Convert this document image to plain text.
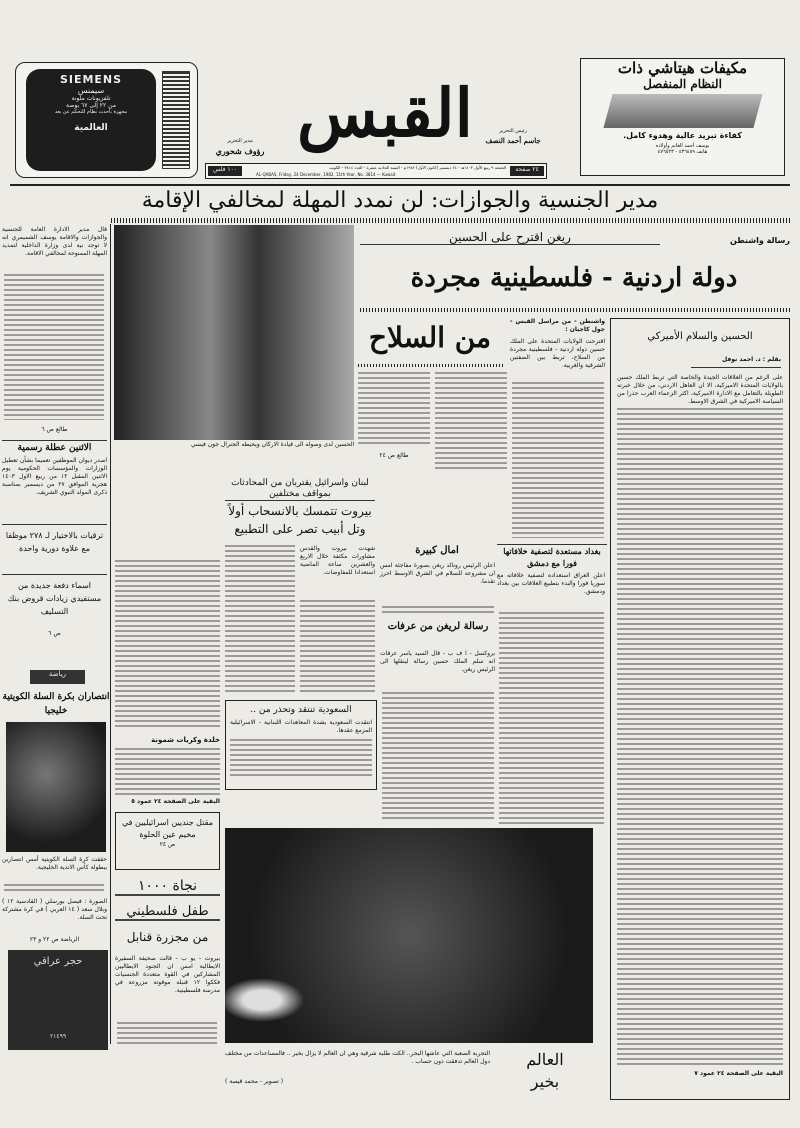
SIEMENS
سيمنس
تلفزيونات ملونة
من ٢٢ إلى ٦٧ بوصة
مجهزة بأحدث نظام للتحكم عن بعد
العالمية
مدير التحرير
رؤوف شحوري القبس	رئيس التحرير
جاسم أحمد النصف
٢٤ صفحة
الجمعة ٩ ربيع الأول ١٤٠٣هـ - ٢٤ ديسمبر (كانون الأول) ١٩٨٢م - السنة الحادية عشرة - العدد ٣٨١٤ - الكويت
AL-QABAS, Friday, 24 December, 1982, 11th Year, No. 3814 — Kuwait
١٠٠ فلس
مكيفات هيتاشي ذات
النظام المنفصل
كفاءة تبريد عالية وهدوء كامل.
يوسف أحمد الغانم وأولاده
هاتف ٤٣٦٤٨٩ - ٤٧٦٥٢٣
مدير الجنسية والجوازات: لن نمدد المهلة لمخالفي الإقامة
قال مدير الادارة العامة للجنسية والجوازات والاقامة يوسف الشميمري انه لا توجد نية لدى وزارة الداخلية لتمديد المهلة الممنوحة لمخالفي الاقامة.
طالع ص ٦
الاثنين عطلة رسمية
اصدر ديوان الموظفين تعميما بشأن تعطيل الوزارات والمؤسسات الحكومية يوم الاثنين المقبل ١٢ من ربيع الاول ١٤٠٣ هجرية الموافق ٢٧ من ديسمبر بمناسبة ذكرى المولد النبوي الشريف.
ترقيات بالاختيار لـ ٢٧٨ موظفا مع علاوة دورية واحدة
اسماء دفعة جديدة من مستفيدي زيادات قروض بنك التسليف
ص ٦
رياضة
انتصاران بكرة السلة الكويتية خليجيا
حققت كرة السلة الكويتية أمس انتصارين ببطولة كأس الاندية الخليجية.
الصورة : فيصل بورسلي ( القادسية ١٢ ) وبلال سعد ( ١٤ العربي ) في كرة مشتركة تحت السلة.
الرياضة ص ٢٢ و ٢٣
حجر عراقي
٢١٤٩٩
الحسين لدى وصوله الى قيادة الاركان ويحيطه الجنرال جون فيسي
رسالة واشنطن
ريغن اقترح على الحسين
دولة اردنية - فلسطينية مجردة
من السلاح	واشنطن - من مراسل القبس - جول كاجيان :
اقترحت الولايات المتحدة على الملك حسين دولة اردنية - فلسطينية مجردة من السلاح، تربط بين الضفتين الشرقية والغربية.
طالع ص ٢٤
الحسين والسلام الأميركي
بقلم : د. احمد نوفل
على الرغم من العلاقات الجيدة والخاصة التي تربط الملك حسين بالولايات المتحدة الاميركية، الا ان العاهل الاردني، من خلال خبرته الطويلة بالتعامل مع الادارة الاميركية، اكثر الزعماء العرب حذرا من السياسة الاميركية في الشرق الاوسط.
البقية على الصفحة ٢٤ عمود ٧
لبنان واسرائيل يقتربان من المحادثات بمواقف مختلفين
بيروت تتمسك بالانسحاب أولاً
وتل أبيب تصر على التطبيع
شهدت بيروت والقدس مشاورات مكثفة خلال الاربع والعشرين ساعة الماضية استعدادا للمفاوضات.
خلدة وكريات شمونة
البقية على الصفحة ٢٤ عمود ٥
امال كبيرة
اعلن الرئيس رونالد ريغن بصورة مفاجئة امس ان مشروعه للسلام في الشرق الاوسط احرز تقدما.
رسالة لريغن من عرفات
بروكسل - ا ف ب - قال السيد ياسر عرفات انه سلم الملك حسين رسالة لينقلها الى الرئيس ريغن.
بغداد مستعدة لتصفية خلافاتها فورا مع دمشق
اعلن العراق استعداده لتصفية خلافاته مع سوريا فورا والبدء بتطبيع العلاقات بين بغداد ودمشق.
السعودية تنتقد وتحذر من ..
انتقدت السعودية بشدة المعاهدات اللبنانية - الاسرائيلية المزمع عقدها.
مقتل جنديين اسرائيليين في مخيم عين الحلوة
ص ٢٤
نجاة ١٠٠٠
طفل فلسطيني
من مجزرة قنابل
بيروت - يو ب - قالت صحيفة السفيرة الايطالية امس ان الجنود الايطاليين المشاركين في القوة متعددة الجنسيات فككوا ١٢ قنبلة موقوتة مزروعة في مدرسة فلسطينية.
العالم
بخير
التجربة الصعبة التي عاشها البحر.. الكت طلبة شرقية وهي ان العالم لا يزال بخير .. فالمساعدات من مختلف دول العالم تدفقت دون حساب .
( تصوير - محمد قيصة )
